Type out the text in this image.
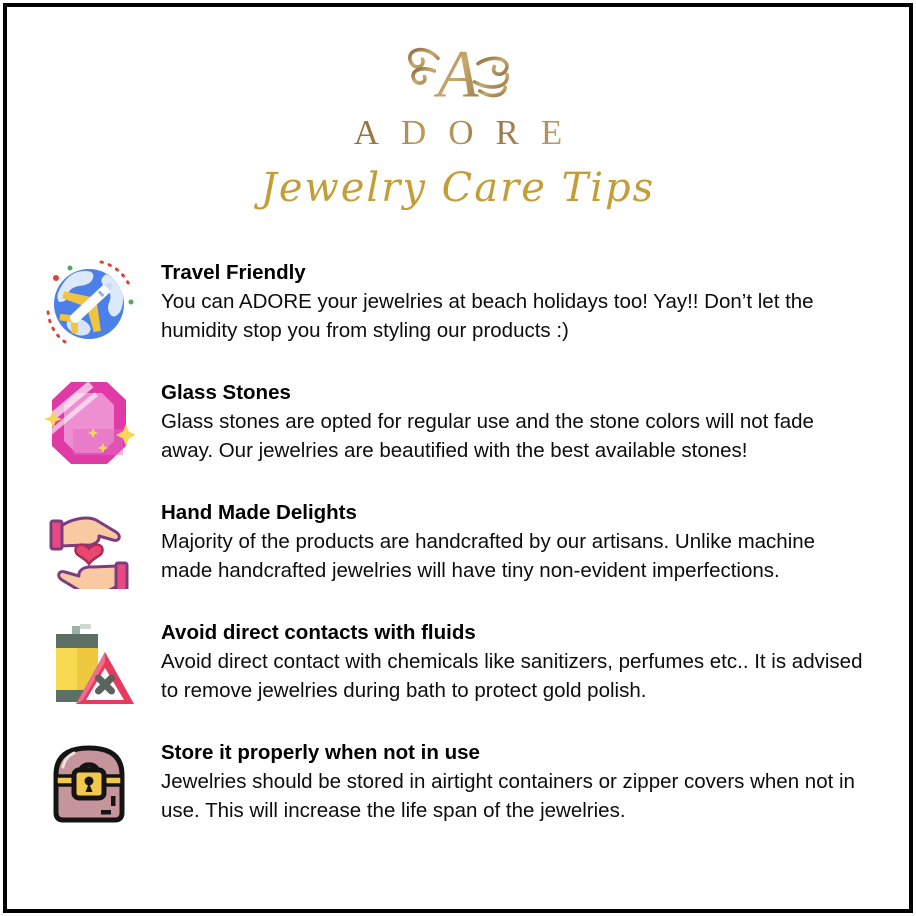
A
ADORE
Jewelry Care Tips
Travel Friendly
You can ADORE your jewelries at beach holidays too! Yay!! Don’t let the humidity stop you from styling our products :)
Glass Stones
Glass stones are opted for regular use and the stone colors will not fade away. Our jewelries are beautified with the best available stones!
Hand Made Delights
Majority of the products are handcrafted by our artisans. Unlike machine made handcrafted jewelries will have tiny non-evident imperfections.
Avoid direct contacts with fluids
Avoid direct contact with chemicals like sanitizers, perfumes etc.. It is advised to remove jewelries during bath to protect gold polish.
Store it properly when not in use
Jewelries should be stored in airtight containers or zipper covers when not in use. This will increase the life span of the jewelries.
